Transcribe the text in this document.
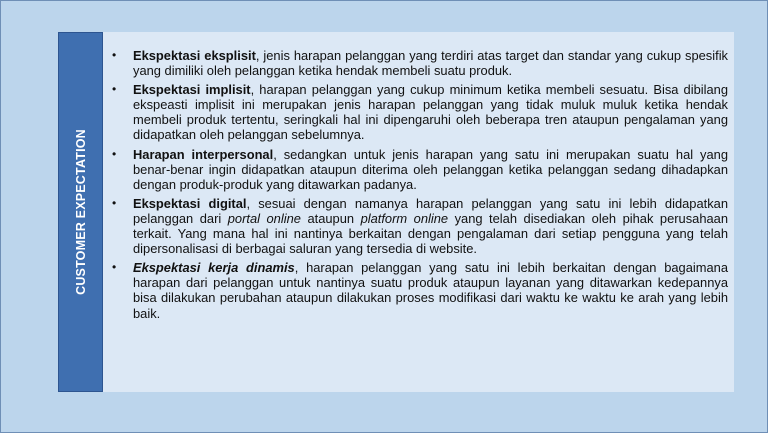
CUSTOMER EXPECTATION
• Ekspektasi eksplisit, jenis harapan pelanggan yang terdiri atas target dan standar yang cukup spesifik yang dimiliki oleh pelanggan ketika hendak membeli suatu produk.
• Ekspektasi implisit, harapan pelanggan yang cukup minimum ketika membeli sesuatu. Bisa dibilang ekspeasti implisit ini merupakan jenis harapan pelanggan yang tidak muluk muluk ketika hendak membeli produk tertentu, seringkali hal ini dipengaruhi oleh beberapa tren ataupun pengalaman yang didapatkan oleh pelanggan sebelumnya.
• Harapan interpersonal, sedangkan untuk jenis harapan yang satu ini merupakan suatu hal yang benar-benar ingin didapatkan ataupun diterima oleh pelanggan ketika pelanggan sedang dihadapkan dengan produk-produk yang ditawarkan padanya.
• Ekspektasi digital, sesuai dengan namanya harapan pelanggan yang satu ini lebih didapatkan pelanggan dari portal online ataupun platform online yang telah disediakan oleh pihak perusahaan terkait. Yang mana hal ini nantinya berkaitan dengan pengalaman dari setiap pengguna yang telah dipersonalisasi di berbagai saluran yang tersedia di website.
• Ekspektasi kerja dinamis, harapan pelanggan yang satu ini lebih berkaitan dengan bagaimana harapan dari pelanggan untuk nantinya suatu produk ataupun layanan yang ditawarkan kedepannya bisa dilakukan perubahan ataupun dilakukan proses modifikasi dari waktu ke waktu ke arah yang lebih baik.
